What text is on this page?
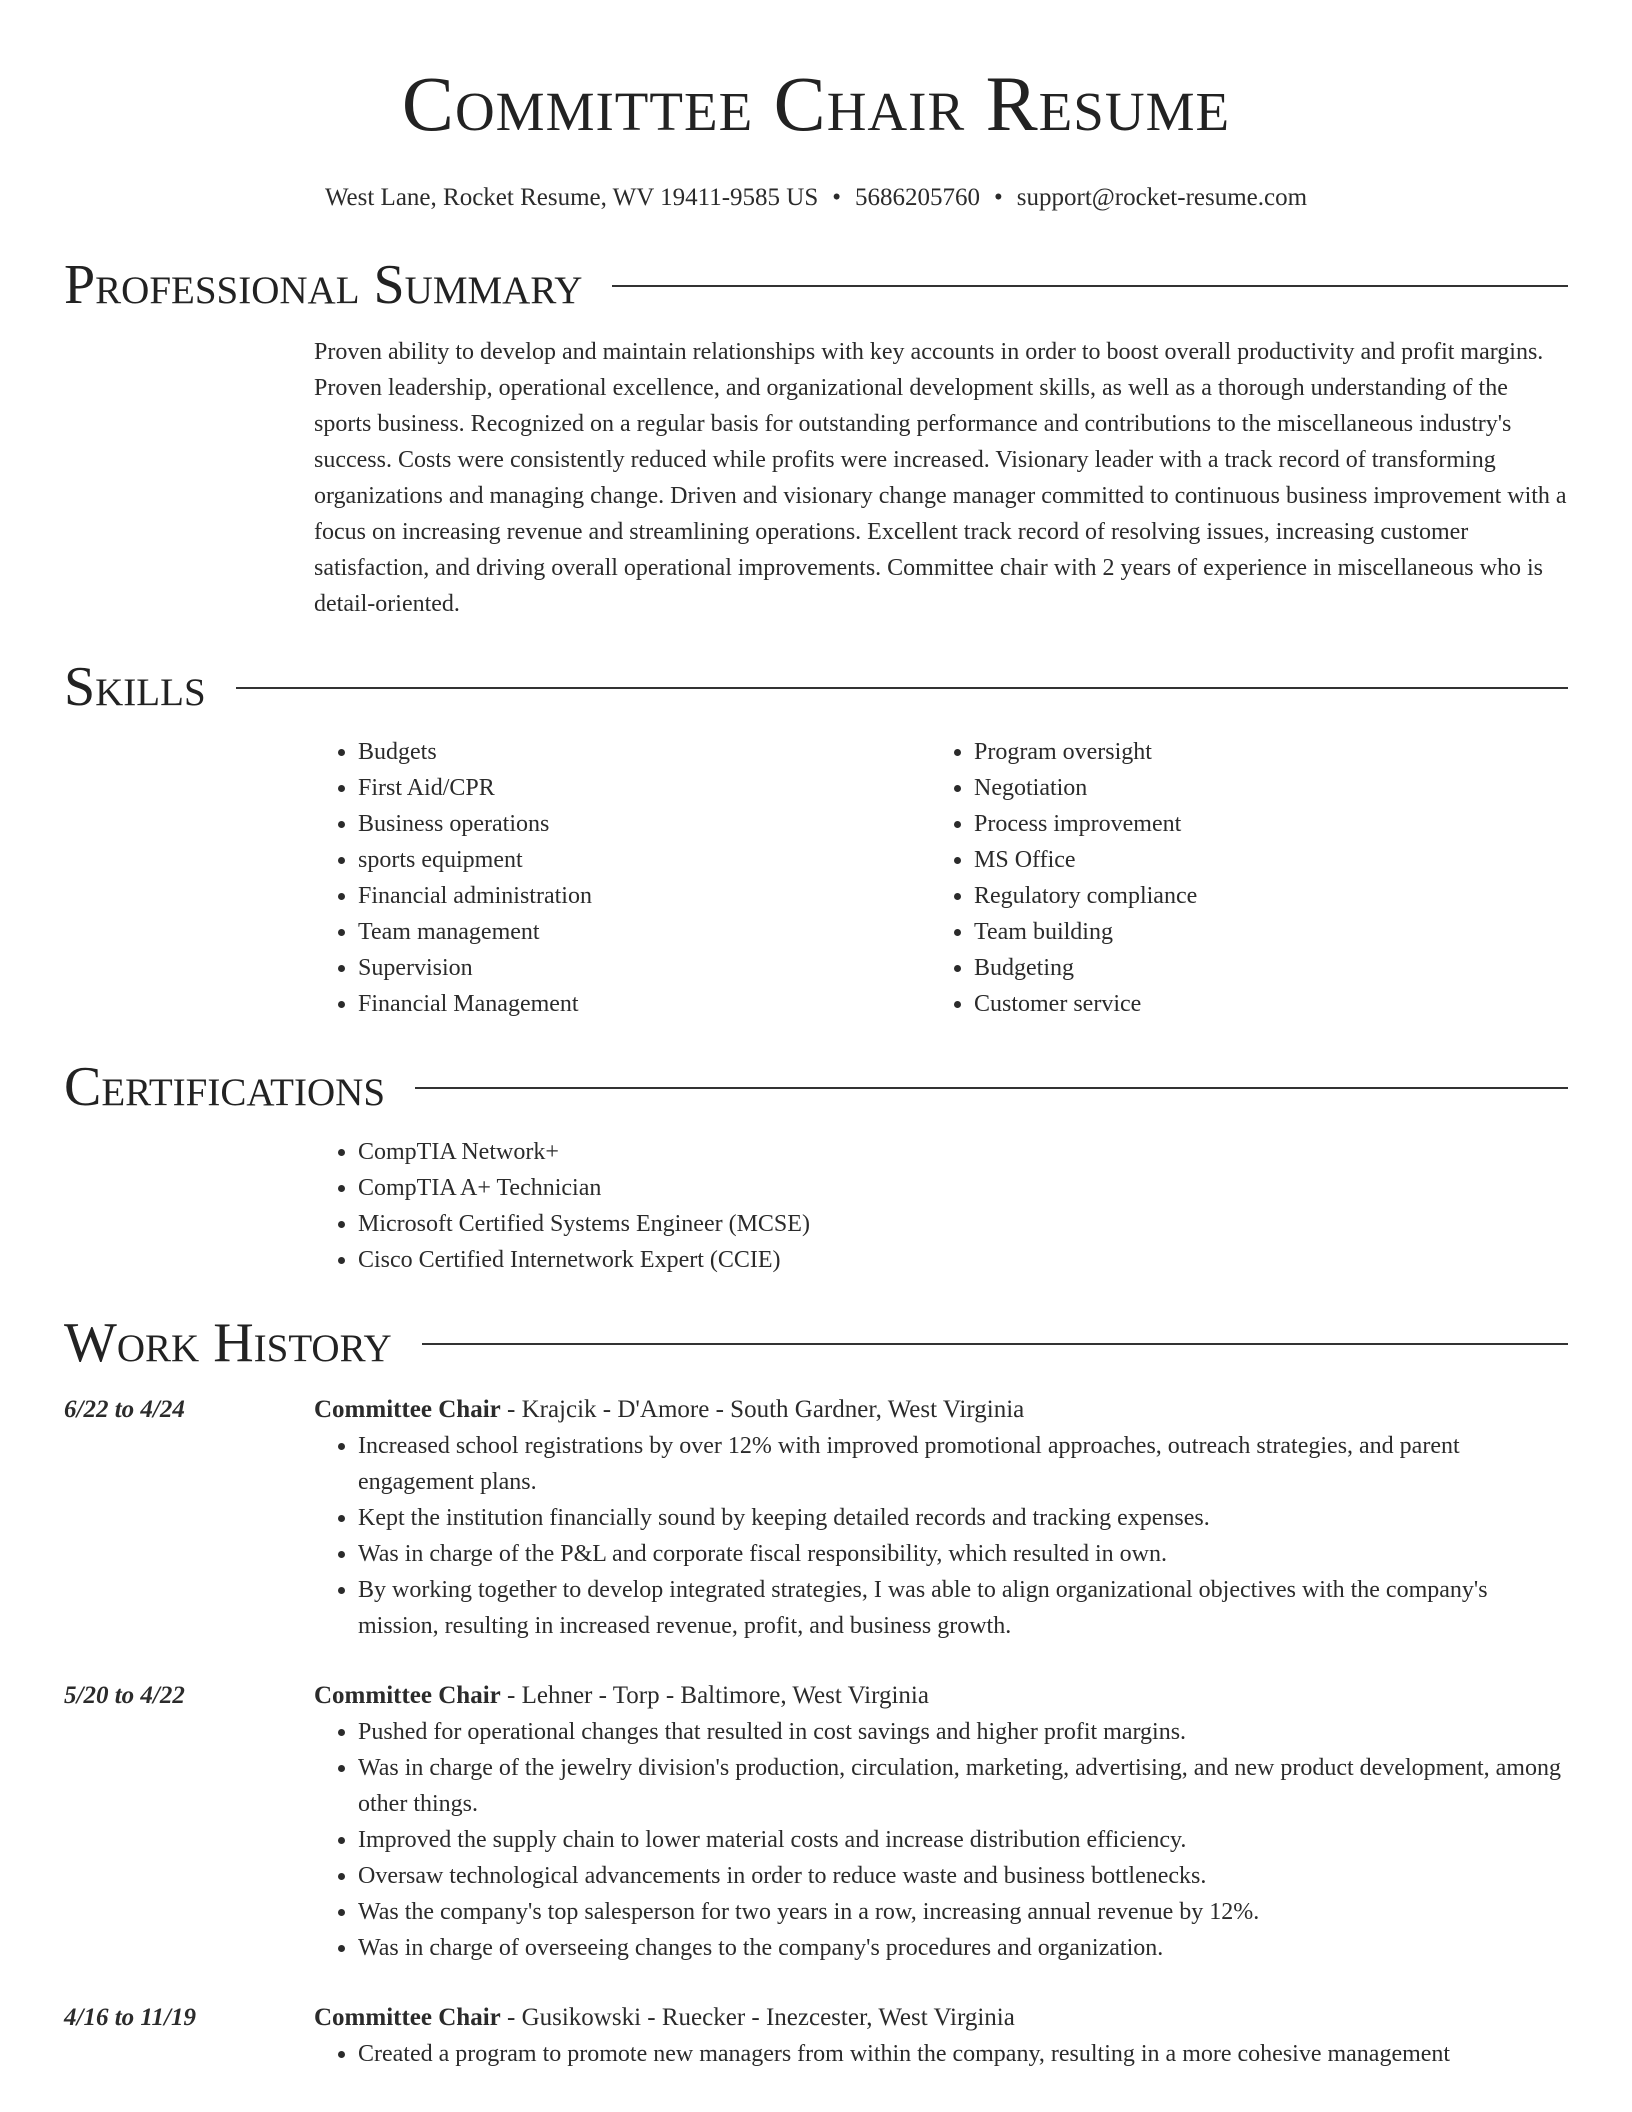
Committee Chair Resume
West Lane, Rocket Resume, WV 19411-9585 US • 5686205760 • support@rocket-resume.com
Professional Summary

Proven ability to develop and maintain relationships with key accounts in order to boost overall productivity and profit margins. Proven leadership, operational excellence, and organizational development skills, as well as a thorough understanding of the sports business. Recognized on a regular basis for outstanding performance and contributions to the miscellaneous industry's success. Costs were consistently reduced while profits were increased. Visionary leader with a track record of transforming organizations and managing change. Driven and visionary change manager committed to continuous business improvement with a focus on increasing revenue and streamlining operations. Excellent track record of resolving issues, increasing customer satisfaction, and driving overall operational improvements. Committee chair with 2 years of experience in miscellaneous who is detail-oriented.

Skills
• Budgets
• First Aid/CPR
• Business operations
• sports equipment
• Financial administration
• Team management
• Supervision
• Financial Management
• Program oversight
• Negotiation
• Process improvement
• MS Office
• Regulatory compliance
• Team building
• Budgeting
• Customer service
Certifications
• CompTIA Network+
• CompTIA A+ Technician
• Microsoft Certified Systems Engineer (MCSE)
• Cisco Certified Internetwork Expert (CCIE)
Work History
6/22 to 4/24	Committee Chair - Krajcik - D'Amore - South Gardner, West Virginia
• Increased school registrations by over 12% with improved promotional approaches, outreach strategies, and parent engagement plans.
• Kept the institution financially sound by keeping detailed records and tracking expenses.
• Was in charge of the P&L and corporate fiscal responsibility, which resulted in own.
• By working together to develop integrated strategies, I was able to align organizational objectives with the company's mission, resulting in increased revenue, profit, and business growth.
5/20 to 4/22	Committee Chair - Lehner - Torp - Baltimore, West Virginia
• Pushed for operational changes that resulted in cost savings and higher profit margins.
• Was in charge of the jewelry division's production, circulation, marketing, advertising, and new product development, among other things.
• Improved the supply chain to lower material costs and increase distribution efficiency.
• Oversaw technological advancements in order to reduce waste and business bottlenecks.
• Was the company's top salesperson for two years in a row, increasing annual revenue by 12%.
• Was in charge of overseeing changes to the company's procedures and organization.
4/16 to 11/19	Committee Chair - Gusikowski - Ruecker - Inezcester, West Virginia
• Created a program to promote new managers from within the company, resulting in a more cohesive management
